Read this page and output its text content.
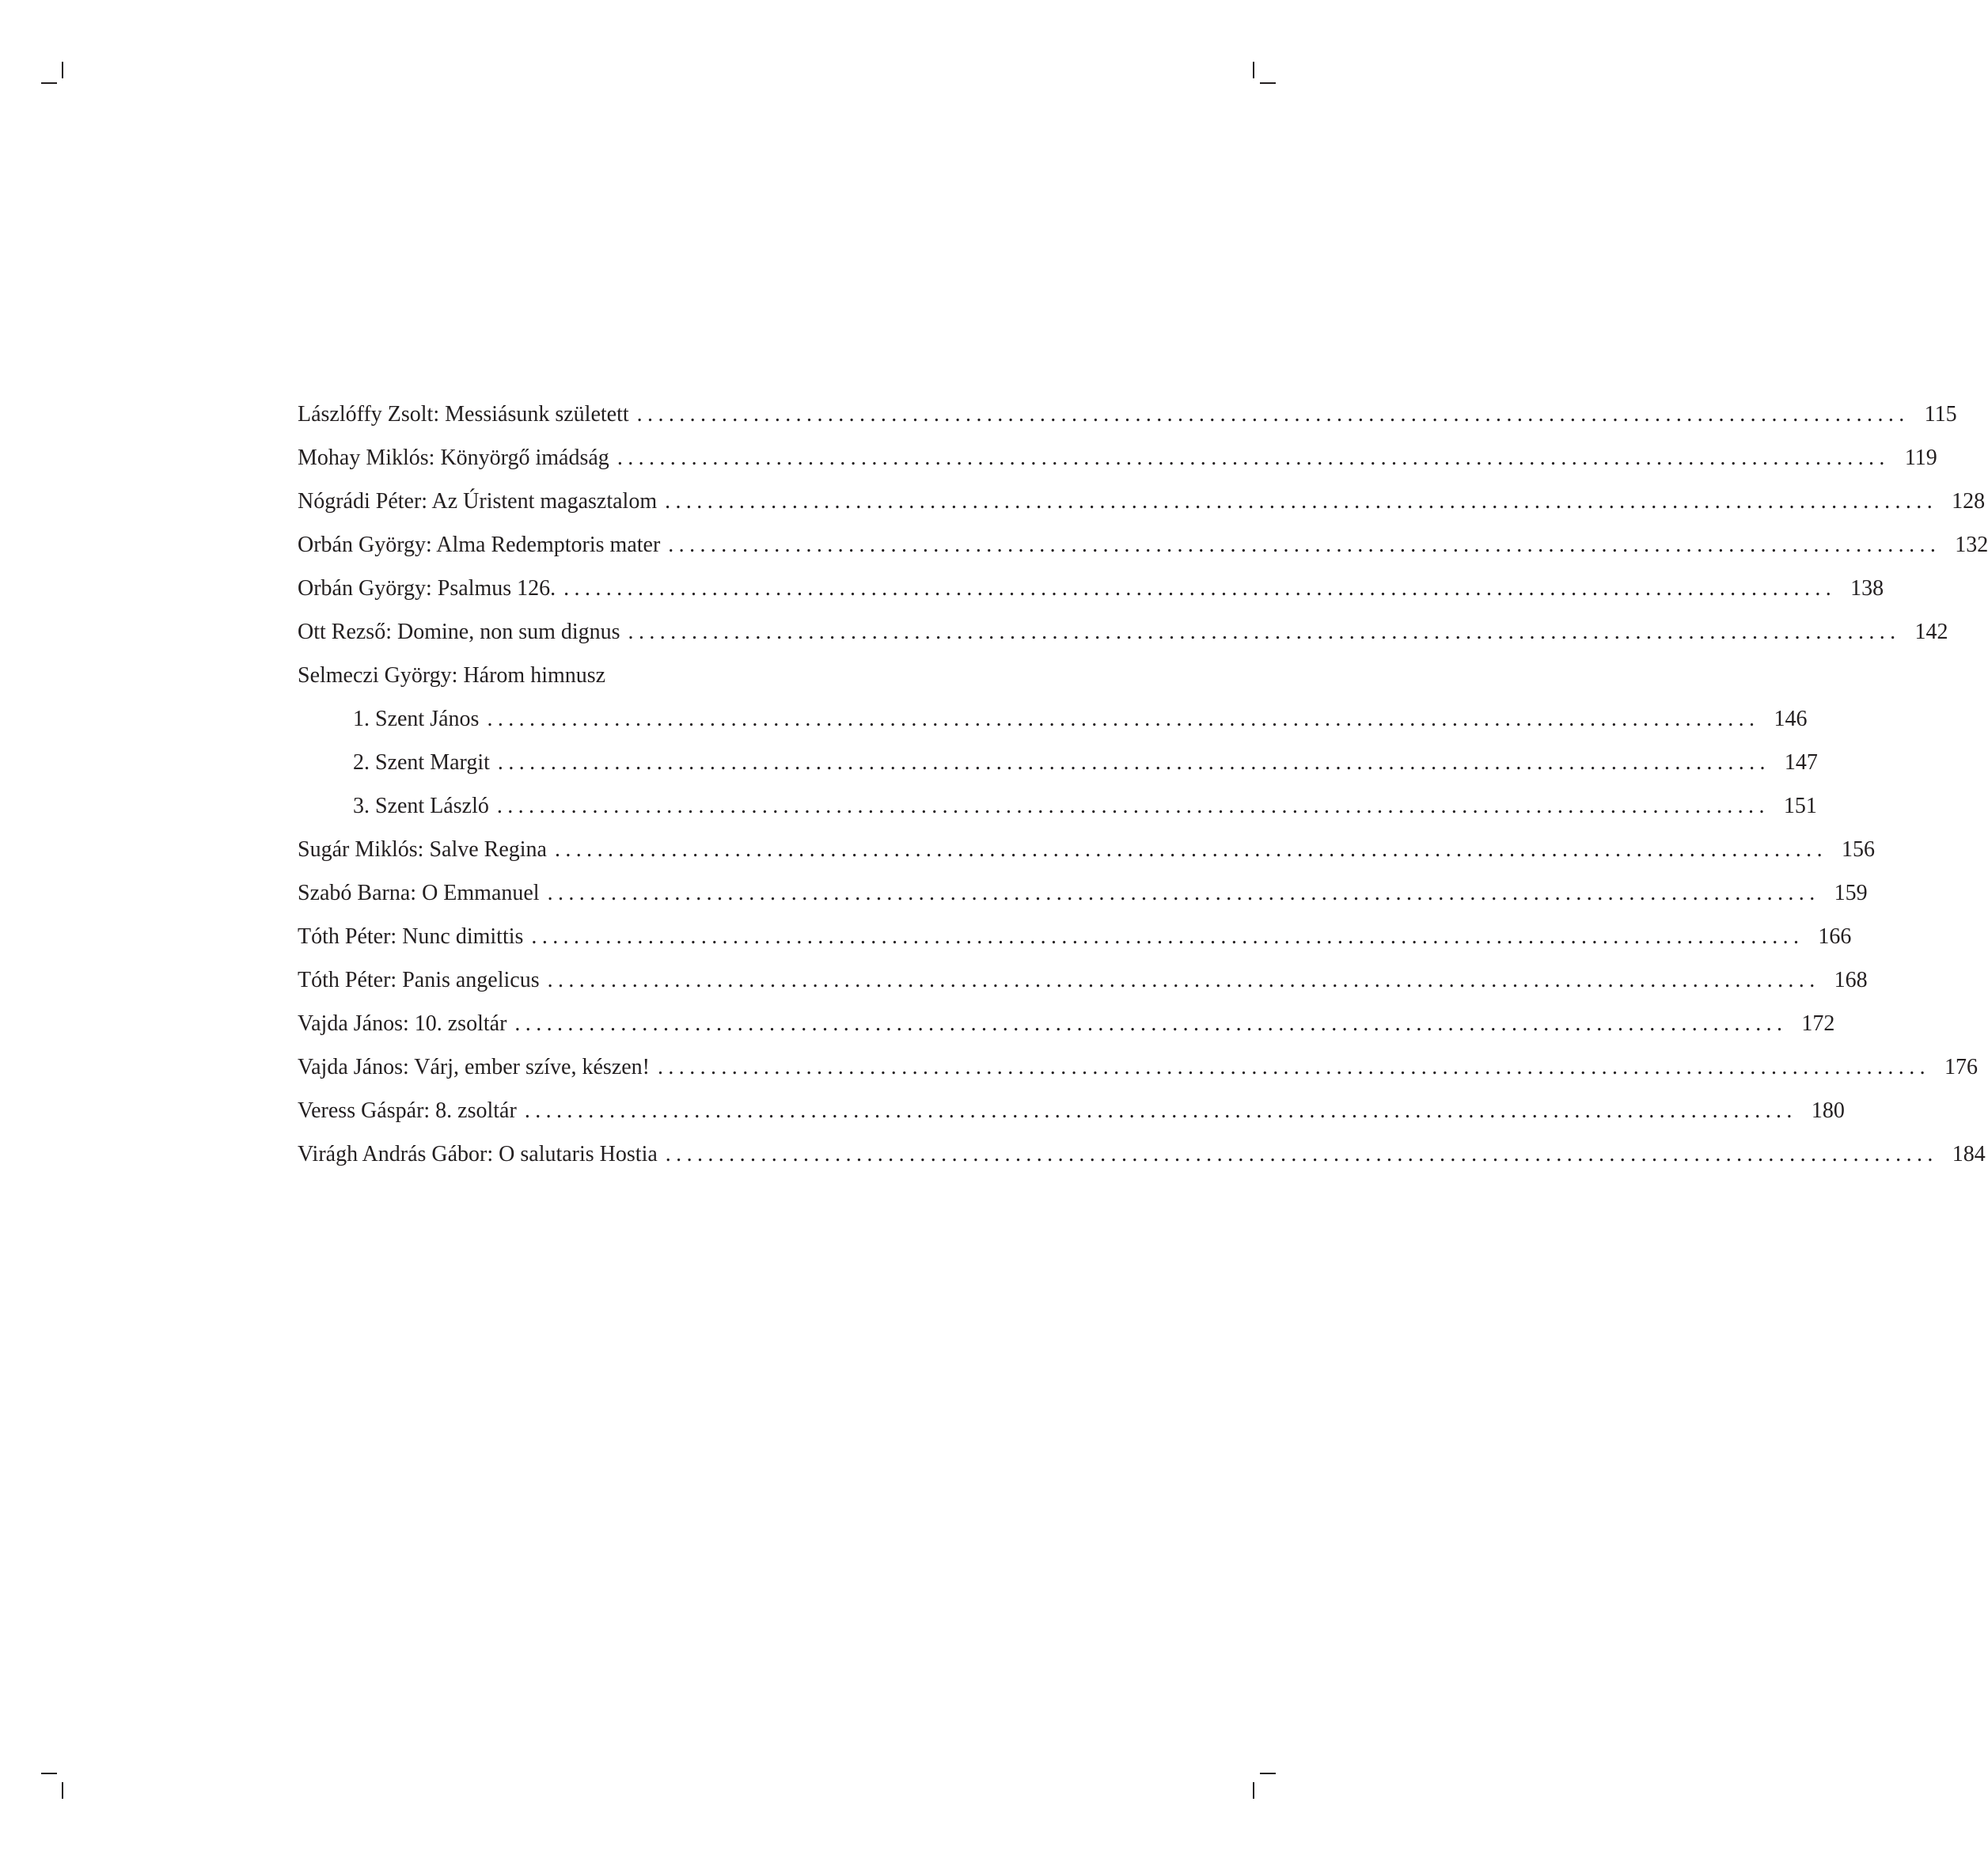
Lászlóffy Zsolt: Messiásunk született ........................................................................................................................ 115
Mohay Miklós: Könyörgő imádság ........................................................................................................................ 119
Nógrádi Péter: Az Úristent magasztalom ........................................................................................................................ 128
Orbán György: Alma Redemptoris mater ........................................................................................................................ 132
Orbán György: Psalmus 126. ........................................................................................................................ 138
Ott Rezső: Domine, non sum dignus ........................................................................................................................ 142
Selmeczi György: Három himnusz
1. Szent János ........................................................................................................................ 146
2. Szent Margit ........................................................................................................................ 147
3. Szent László ........................................................................................................................ 151
Sugár Miklós: Salve Regina ........................................................................................................................ 156
Szabó Barna: O Emmanuel ........................................................................................................................ 159
Tóth Péter: Nunc dimittis ........................................................................................................................ 166
Tóth Péter: Panis angelicus ........................................................................................................................ 168
Vajda János: 10. zsoltár ........................................................................................................................ 172
Vajda János: Várj, ember szíve, készen! ........................................................................................................................ 176
Veress Gáspár: 8. zsoltár ........................................................................................................................ 180
Virágh András Gábor: O salutaris Hostia ........................................................................................................................ 184
